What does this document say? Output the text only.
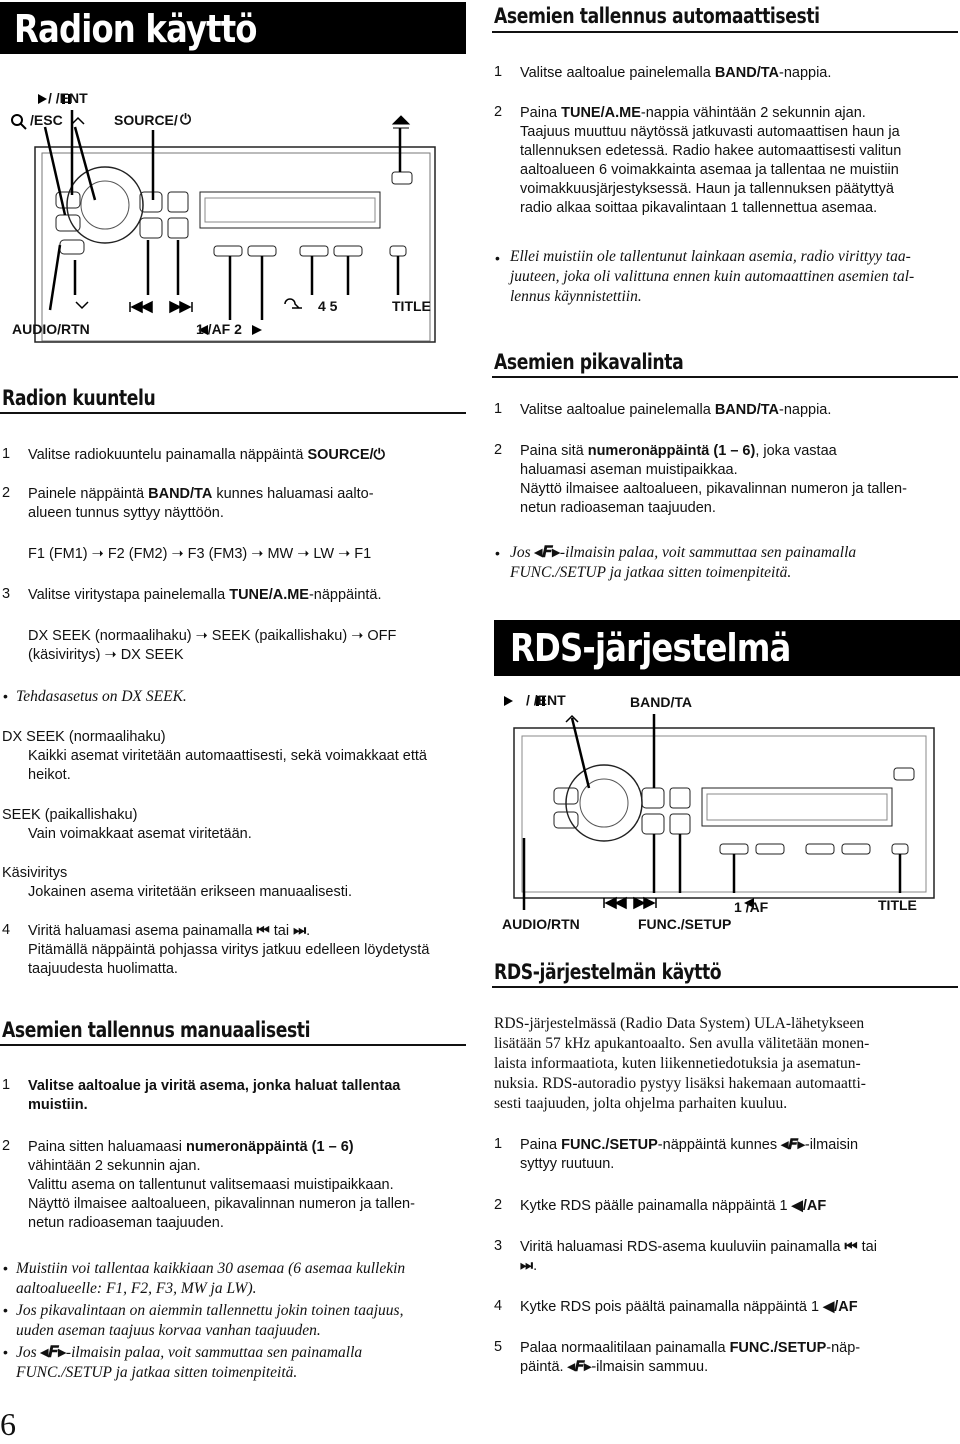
Radion käyttö
/ /ENT
/ESC	SOURCE/ ⏻
4 5	TITLE
AUDIO/RTN	1 /AF 2
Radion kuuntelu
1 Valitse radiokuuntelu painamalla näppäintä SOURCE/⏻
2 Painele näppäintä BAND/TA kunnes haluamasi aalto-
alueen tunnus syttyy näyttöön.
F1 (FM1) ➝ F2 (FM2) ➝ F3 (FM3) ➝ MW ➝ LW ➝ F1
3 Valitse viritystapa painelemalla TUNE/A.ME-näppäintä.
DX SEEK (normaalihaku) ➝ SEEK (paikallishaku) ➝ OFF
(käsiviritys) ➝ DX SEEK
• Tehdasasetus on DX SEEK.
DX SEEK (normaalihaku)
Kaikki asemat viritetään automaattisesti, sekä voimakkaat että
heikot.
SEEK (paikallishaku)
Vain voimakkaat asemat viritetään.
Käsiviritys
Jokainen asema viritetään erikseen manuaalisesti.
4 Viritä haluamasi asema painamalla ⏮ tai ⏭.
Pitämällä näppäintä pohjassa viritys jatkuu edelleen löydetystä
taajuudesta huolimatta.
Asemien tallennus manuaalisesti
1 Valitse aaltoalue ja viritä asema, jonka haluat tallentaa
muistiin.
2 Paina sitten haluamaasi numeronäppäintä (1 – 6)
vähintään 2 sekunnin ajan.
Valittu asema on tallentunut valitsemaasi muistipaikkaan.
Näyttö ilmaisee aaltoalueen, pikavalinnan numeron ja tallen-
netun radioaseman taajuuden.
• Muistiin voi tallentaa kaikkiaan 30 asemaa (6 asemaa kullekin
aaltoalueelle: F1, F2, F3, MW ja LW).
• Jos pikavalintaan on aiemmin tallennettu jokin toinen taajuus,
uuden aseman taajuus korvaa vanhan taajuuden.
• Jos ◂𝑭▸-ilmaisin palaa, voit sammuttaa sen painamalla
FUNC./SETUP ja jatkaa sitten toimenpiteitä.
6
Asemien tallennus automaattisesti
1 Valitse aaltoalue painelemalla BAND/TA-nappia.
2 Paina TUNE/A.ME-nappia vähintään 2 sekunnin ajan.
Taajuus muuttuu näytössä jatkuvasti automaattisen haun ja
tallennuksen edetessä. Radio hakee automaattisesti valitun
aaltoalueen 6 voimakkainta asemaa ja tallentaa ne muistiin
voimakkuusjärjestyksessä. Haun ja tallennuksen päätyttyä
radio alkaa soittaa pikavalintaan 1 tallennettua asemaa.
• Ellei muistiin ole tallentunut lainkaan asemia, radio virittyy taa-
juuteen, joka oli valittuna ennen kuin automaattinen asemien tal-
lennus käynnistettiin.
Asemien pikavalinta
1 Valitse aaltoalue painelemalla BAND/TA-nappia.
2 Paina sitä numeronäppäintä (1 – 6), joka vastaa
haluamasi aseman muistipaikkaa.
Näyttö ilmaisee aaltoalueen, pikavalinnan numeron ja tallen-
netun radioaseman taajuuden.
• Jos ◂𝑭▸-ilmaisin palaa, voit sammuttaa sen painamalla
FUNC./SETUP ja jatkaa sitten toimenpiteitä.
RDS-järjestelmä
/ /ENT	BAND/TA
1 /AF	TITLE
AUDIO/RTN	FUNC./SETUP
RDS-järjestelmän käyttö
RDS-järjestelmässä (Radio Data System) ULA-lähetykseen
lisätään 57 kHz apukantoaalto. Sen avulla välitetään monen-
laista informaatiota, kuten liikennetiedotuksia ja asematun-
nuksia. RDS-autoradio pystyy lisäksi hakemaan automaatti-
sesti taajuuden, jolta ohjelma parhaiten kuuluu.
1 Paina FUNC./SETUP-näppäintä kunnes ◂𝑭▸-ilmaisin
syttyy ruutuun.
2 Kytke RDS päälle painamalla näppäintä 1 ◀/AF
3 Viritä haluamasi RDS-asema kuuluviin painamalla ⏮ tai
⏭.
4 Kytke RDS pois päältä painamalla näppäintä 1 ◀/AF
5 Palaa normaalitilaan painamalla FUNC./SETUP-näp-
päintä. ◂𝑭▸-ilmaisin sammuu.
